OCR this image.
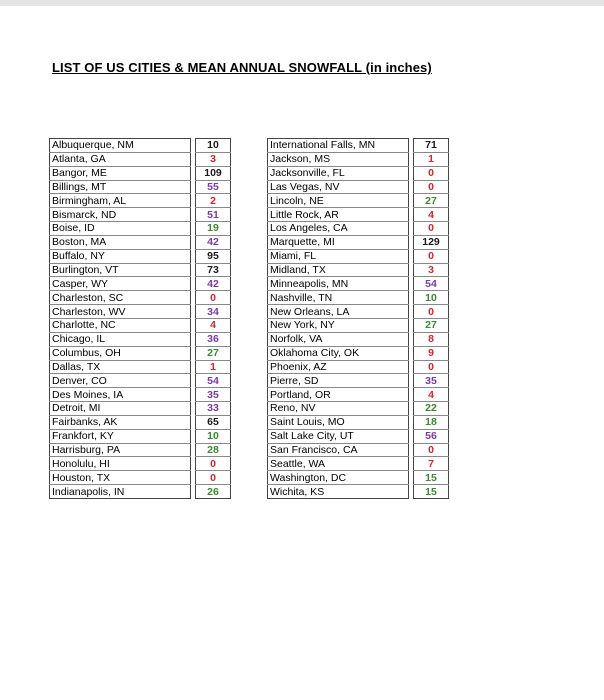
LIST OF US CITIES & MEAN ANNUAL SNOWFALL (in inches)
Albuquerque, NM		10
Atlanta, GA		3
Bangor, ME		109
Billings, MT		55
Birmingham, AL		2
Bismarck, ND		51
Boise, ID		19
Boston, MA		42
Buffalo, NY		95
Burlington, VT		73
Casper, WY		42
Charleston, SC		0
Charleston, WV		34
Charlotte, NC		4
Chicago, IL		36
Columbus, OH		27
Dallas, TX		1
Denver, CO		54
Des Moines, IA		35
Detroit, MI		33
Fairbanks, AK		65
Frankfort, KY		10
Harrisburg, PA		28
Honolulu, HI		0
Houston, TX		0
Indianapolis, IN		26
International Falls, MN		71
Jackson, MS		1
Jacksonville, FL		0
Las Vegas, NV		0
Lincoln, NE		27
Little Rock, AR		4
Los Angeles, CA		0
Marquette, MI		129
Miami, FL		0
Midland, TX		3
Minneapolis, MN		54
Nashville, TN		10
New Orleans, LA		0
New York, NY		27
Norfolk, VA		8
Oklahoma City, OK		9
Phoenix, AZ		0
Pierre, SD		35
Portland, OR		4
Reno, NV		22
Saint Louis, MO		18
Salt Lake City, UT		56
San Francisco, CA		0
Seattle, WA		7
Washington, DC		15
Wichita, KS		15
